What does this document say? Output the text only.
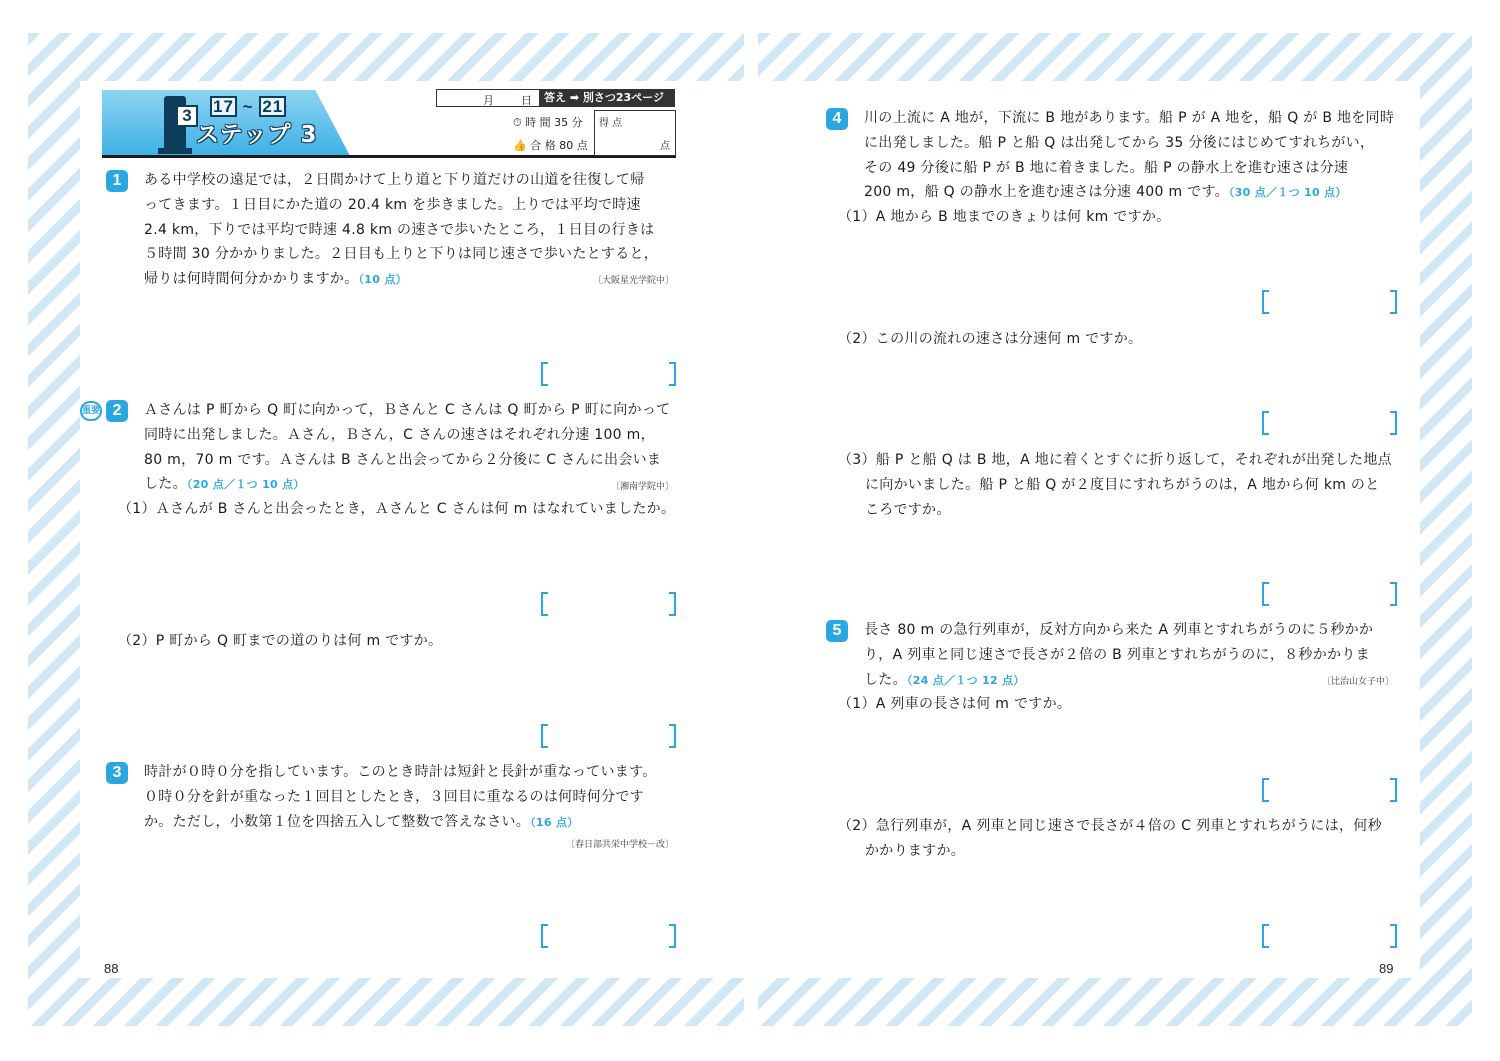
3	17 ~ 21
ステップ 3
月 日	答え ➡ 別さつ23ページ
⏱ 時 間 35 分
👍 合 格 80 点
得 点
点
1	ある中学校の遠足では，２日間かけて上り道と下り道だけの山道を往復して帰
ってきます。１日目にかた道の 20.4 km を歩きました。上りでは平均で時速
2.4 km，下りでは平均で時速 4.8 km の速さで歩いたところ，１日目の行きは
５時間 30 分かかりました。２日目も上りと下りは同じ速さで歩いたとすると，
帰りは何時間何分かかりますか。（10 点）	〔大阪星光学院中〕
重要 2	Ａさんは P 町から Q 町に向かって，Ｂさんと C さんは Q 町から P 町に向かって
同時に出発しました。Ａさん，Ｂさん，C さんの速さはそれぞれ分速 100 m，
80 m，70 m です。Ａさんは B さんと出会ってから２分後に C さんに出会いま
した。（20 点／１つ 10 点）	〔湘南学院中〕
（1）Ａさんが B さんと出会ったとき，Ａさんと C さんは何 m はなれていましたか。
（2）P 町から Q 町までの道のりは何 m ですか。
3	時計が０時０分を指しています。このとき時計は短針と長針が重なっています。
０時０分を針が重なった１回目としたとき，３回目に重なるのは何時何分です
か。ただし，小数第１位を四捨五入して整数で答えなさい。（16 点）
〔春日部共栄中学校－改〕
88
4	川の上流に A 地が，下流に B 地があります。船 P が A 地を，船 Q が B 地を同時
に出発しました。船 P と船 Q は出発してから 35 分後にはじめてすれちがい，
その 49 分後に船 P が B 地に着きました。船 P の静水上を進む速さは分速
200 m，船 Q の静水上を進む速さは分速 400 m です。（30 点／１つ 10 点）
（1）A 地から B 地までのきょりは何 km ですか。
（2）この川の流れの速さは分速何 m ですか。
（3）船 P と船 Q は B 地，A 地に着くとすぐに折り返して，それぞれが出発した地点
に向かいました。船 P と船 Q が２度目にすれちがうのは，A 地から何 km のと
ころですか。
5	長さ 80 m の急行列車が，反対方向から来た A 列車とすれちがうのに５秒かか
り，A 列車と同じ速さで長さが２倍の B 列車とすれちがうのに，８秒かかりま
した。（24 点／１つ 12 点）	〔比治山女子中〕
（1）A 列車の長さは何 m ですか。
（2）急行列車が，A 列車と同じ速さで長さが４倍の C 列車とすれちがうには，何秒
かかりますか。
89
